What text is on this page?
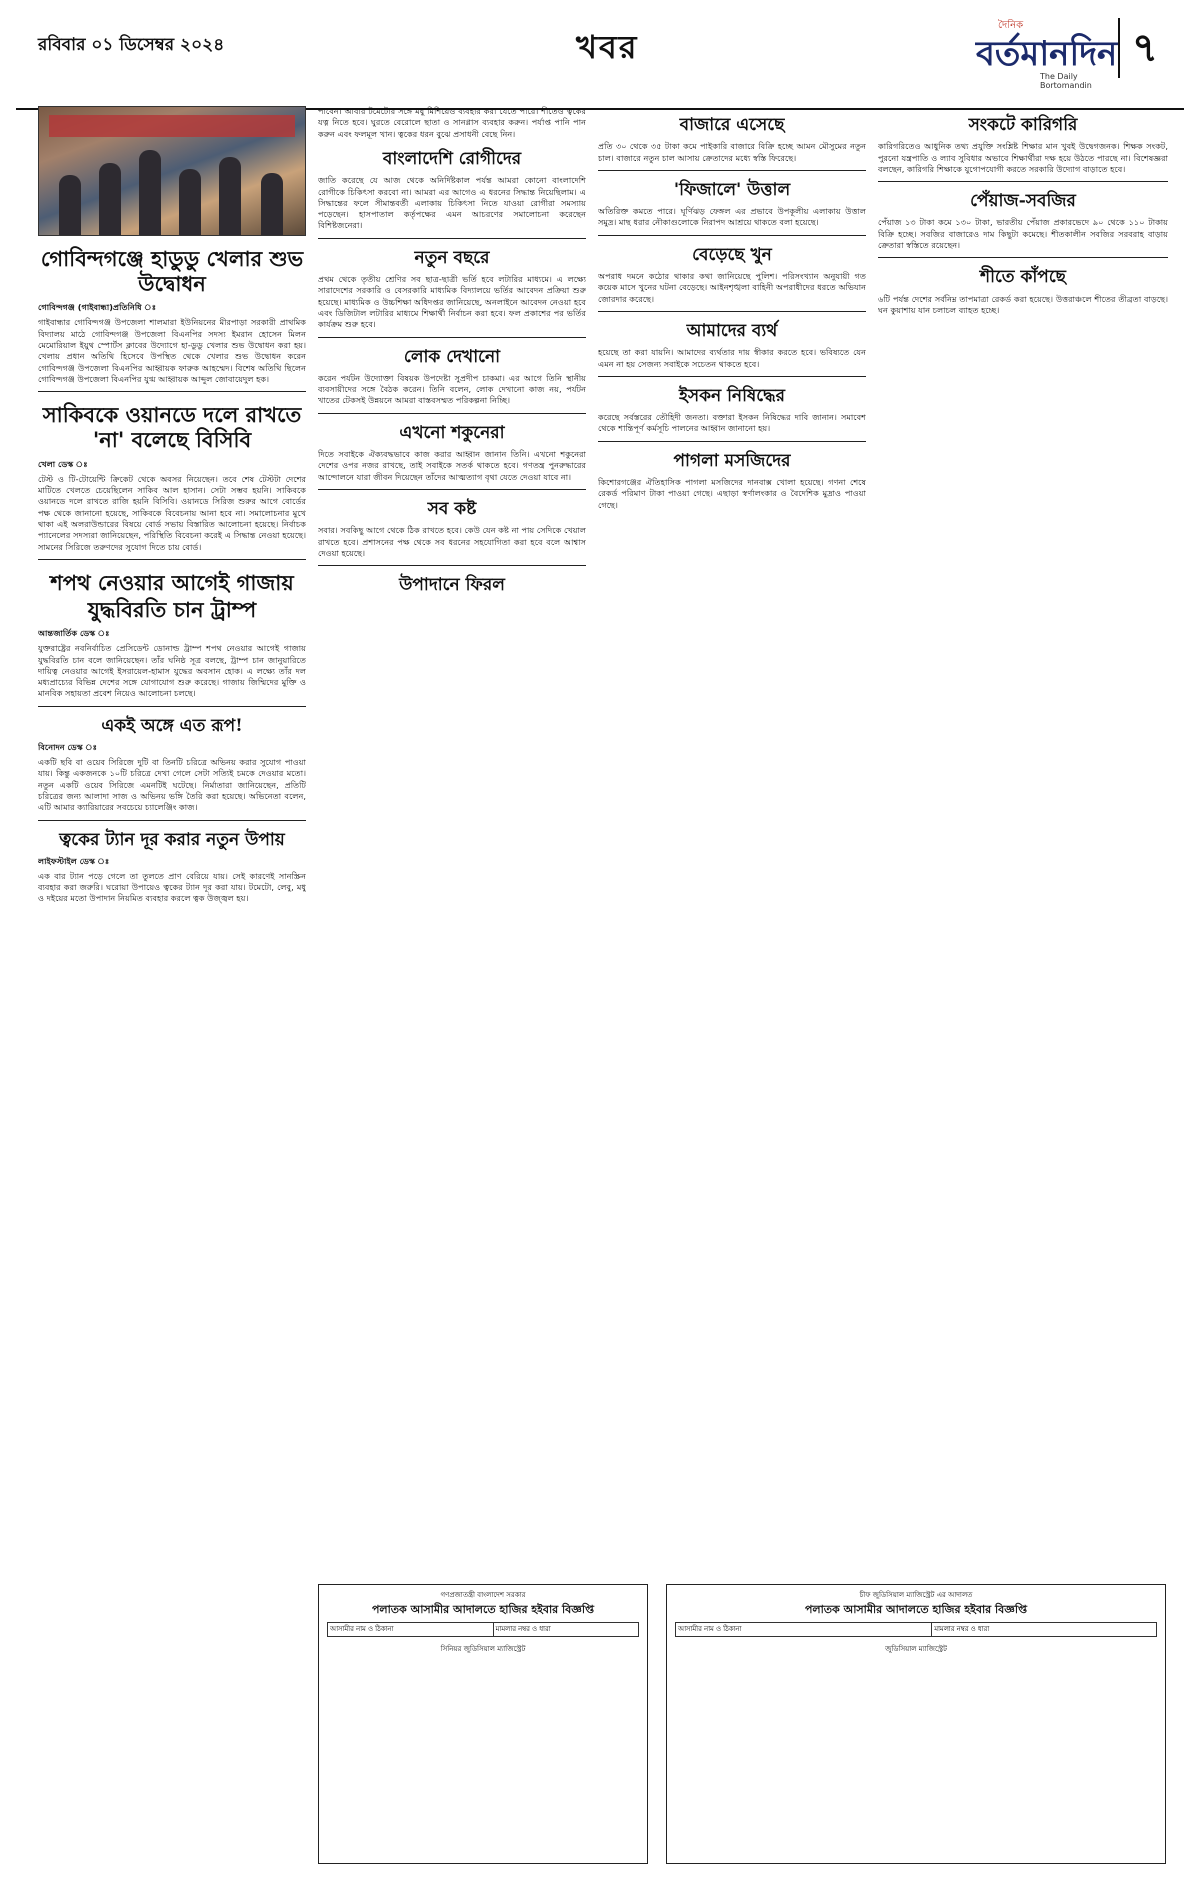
রবিবার ০১ ডিসেম্বর ২০২৪	খবর
দৈনিক
বর্তমানদিন
The Daily Bortomandin
৭
গোবিন্দগঞ্জে হাডুডু খেলার শুভ উদ্বোধন
গোবিন্দগঞ্জ (গাইবান্ধা)প্রতিনিধি ঃ

গাইবান্ধার গোবিন্দগঞ্জ উপজেলা শালমারা ইউনিয়নের মীরপাড়া সরকারী প্রাথমিক বিদ্যালয় মাঠে গোবিন্দগঞ্জ উপজেলা বিএনপির সদস্য ইমরান হোসেন মিলন মেমোরিয়াল ইয়ুথ স্পোর্টস ক্লাবের উদ্যোগে হা-ডুডু খেলার শুভ উদ্বোধন করা হয়। খেলায় প্রধান অতিথি হিসেবে উপস্থিত থেকে খেলার শুভ উদ্বোধন করেন গোবিন্দগঞ্জ উপজেলা বিএনপির আহ্বায়ক ফারুক আহম্মেদ। বিশেষ অতিথি ছিলেন গোবিন্দগঞ্জ উপজেলা বিএনপির যুগ্ম আহ্বায়ক আব্দুল জোবায়েদুল হক।

সাকিবকে ওয়ানডে দলে রাখতে 'না' বলেছে বিসিবি
খেলা ডেস্ক ঃ

টেস্ট ও টি-টোয়েন্টি ক্রিকেট থেকে অবসর নিয়েছেন। তবে শেষ টেস্টটা দেশের মাটিতে খেলতে চেয়েছিলেন সাকিব আল হাসান। সেটা সম্ভব হয়নি। সাকিবকে ওয়ানডে দলে রাখতে রাজি হয়নি বিসিবি। ওয়ানডে সিরিজ শুরুর আগে বোর্ডের পক্ষ থেকে জানানো হয়েছে, সাকিবকে বিবেচনায় আনা হবে না। সমালোচনার মুখে থাকা এই অলরাউন্ডারের বিষয়ে বোর্ড সভায় বিস্তারিত আলোচনা হয়েছে। নির্বাচক প্যানেলের সদস্যরা জানিয়েছেন, পরিস্থিতি বিবেচনা করেই এ সিদ্ধান্ত নেওয়া হয়েছে। সামনের সিরিজে তরুণদের সুযোগ দিতে চায় বোর্ড।

শপথ নেওয়ার আগেই গাজায়
যুদ্ধবিরতি চান ট্রাম্প
আন্তজার্তিক ডেস্ক ঃ

যুক্তরাষ্ট্রের নবনির্বাচিত প্রেসিডেন্ট ডোনাল্ড ট্রাম্প শপথ নেওয়ার আগেই গাজায় যুদ্ধবিরতি চান বলে জানিয়েছেন। তাঁর ঘনিষ্ঠ সূত্র বলছে, ট্রাম্প চান জানুয়ারিতে দায়িত্ব নেওয়ার আগেই ইসরায়েল-হামাস যুদ্ধের অবসান হোক। এ লক্ষ্যে তাঁর দল মধ্যপ্রাচ্যের বিভিন্ন দেশের সঙ্গে যোগাযোগ শুরু করেছে। গাজায় জিম্মিদের মুক্তি ও মানবিক সহায়তা প্রবেশ নিয়েও আলোচনা চলছে।

একই অঙ্গে এত রূপ!
বিনোদন ডেস্ক ঃ

একটি ছবি বা ওয়েব সিরিজে দুটি বা তিনটি চরিত্রে অভিনয় করার সুযোগ পাওয়া যায়। কিন্তু একজনকে ১০টি চরিত্রে দেখা গেলে সেটা সত্যিই চমকে দেওয়ার মতো। নতুন একটি ওয়েব সিরিজে এমনটিই ঘটেছে। নির্মাতারা জানিয়েছেন, প্রতিটি চরিত্রের জন্য আলাদা সাজ ও অভিনয় ভঙ্গি তৈরি করা হয়েছে। অভিনেতা বলেন, এটি আমার ক্যারিয়ারের সবচেয়ে চ্যালেঞ্জিং কাজ।

ত্বকের ট্যান দূর করার নতুন উপায়
লাইফস্টাইল ডেস্ক ঃ

এক বার ট্যান পড়ে গেলে তা তুলতে প্রাণ বেরিয়ে যায়। সেই কারণেই সানস্ক্রিন ব্যবহার করা জরুরি। ঘরোয়া উপায়েও ত্বকের ট্যান দূর করা যায়। টমেটো, লেবু, মধু ও দইয়ের মতো উপাদান নিয়মিত ব্যবহার করলে ত্বক উজ্জ্বল হয়।

পাবেন। আবার টমেটোর সঙ্গে মধু মিশিয়েও ব্যবহার করা যেতে পারে। শীতেও ত্বকের যত্ন নিতে হবে। ঘুরতে বেরোলে ছাতা ও সানগ্লাস ব্যবহার করুন। পর্যাপ্ত পানি পান করুন এবং ফলমূল খান। ত্বকের ধরন বুঝে প্রসাধনী বেছে নিন।

বাংলাদেশি রোগীদের

জাতি করেছে যে আজ থেকে অনির্দিষ্টকাল পর্যন্ত আমরা কোনো বাংলাদেশি রোগীকে চিকিৎসা করবো না। আমরা এর আগেও এ ধরনের সিদ্ধান্ত নিয়েছিলাম। এ সিদ্ধান্তের ফলে সীমান্তবর্তী এলাকায় চিকিৎসা নিতে যাওয়া রোগীরা সমস্যায় পড়েছেন। হাসপাতাল কর্তৃপক্ষের এমন আচরণের সমালোচনা করেছেন বিশিষ্টজনেরা।

নতুন বছরে

প্রথম থেকে তৃতীয় শ্রেণির সব ছাত্র-ছাত্রী ভর্তি হবে লটারির মাধ্যমে। এ লক্ষ্যে সারাদেশের সরকারি ও বেসরকারি মাধ্যমিক বিদ্যালয়ে ভর্তির আবেদন প্রক্রিয়া শুরু হয়েছে। মাধ্যমিক ও উচ্চশিক্ষা অধিদপ্তর জানিয়েছে, অনলাইনে আবেদন নেওয়া হবে এবং ডিজিটাল লটারির মাধ্যমে শিক্ষার্থী নির্বাচন করা হবে। ফল প্রকাশের পর ভর্তির কার্যক্রম শুরু হবে।

লোক দেখানো

করেন পর্যটন উদ্যোক্তা বিষয়ক উপদেষ্টা সুপ্রদীপ চাকমা। এর আগে তিনি স্থানীয় ব্যবসায়ীদের সঙ্গে বৈঠক করেন। তিনি বলেন, লোক দেখানো কাজ নয়, পর্যটন খাতের টেকসই উন্নয়নে আমরা বাস্তবসম্মত পরিকল্পনা নিচ্ছি।

এখনো শকুনেরা

দিতে সবাইকে ঐক্যবদ্ধভাবে কাজ করার আহ্বান জানান তিনি। এখনো শকুনেরা দেশের ওপর নজর রাখছে, তাই সবাইকে সতর্ক থাকতে হবে। গণতন্ত্র পুনরুদ্ধারের আন্দোলনে যারা জীবন দিয়েছেন তাঁদের আত্মত্যাগ বৃথা যেতে দেওয়া যাবে না।

সব কষ্ট

সবার। সবকিছু আগে থেকে ঠিক রাখতে হবে। কেউ যেন কষ্ট না পায় সেদিকে খেয়াল রাখতে হবে। প্রশাসনের পক্ষ থেকে সব ধরনের সহযোগিতা করা হবে বলে আশ্বাস দেওয়া হয়েছে।

উপাদানে ফিরল
বাজারে এসেছে

প্রতি ৩০ থেকে ৩৫ টাকা কমে পাইকারি বাজারে বিক্রি হচ্ছে আমন মৌসুমের নতুন চাল। বাজারে নতুন চাল আসায় ক্রেতাদের মধ্যে স্বস্তি ফিরেছে।

'ফিজালে' উত্তাল

অতিরিক্ত কমতে পারে। ঘূর্ণিঝড় ফেঙ্গল এর প্রভাবে উপকূলীয় এলাকায় উত্তাল সমুদ্র। মাছ ধরার নৌকাগুলোকে নিরাপদ আশ্রয়ে থাকতে বলা হয়েছে।

বেড়েছে খুন

অপরাধ দমনে কঠোর থাকার কথা জানিয়েছে পুলিশ। পরিসংখ্যান অনুযায়ী গত কয়েক মাসে খুনের ঘটনা বেড়েছে। আইনশৃঙ্খলা বাহিনী অপরাধীদের ধরতে অভিযান জোরদার করেছে।

আমাদের ব্যর্থ

হয়েছে তা করা যায়নি। আমাদের ব্যর্থতার দায় স্বীকার করতে হবে। ভবিষ্যতে যেন এমন না হয় সেজন্য সবাইকে সচেতন থাকতে হবে।

ইসকন নিষিদ্ধের

করেছে সর্বস্তরের তৌহিদী জনতা। বক্তারা ইসকন নিষিদ্ধের দাবি জানান। সমাবেশ থেকে শান্তিপূর্ণ কর্মসূচি পালনের আহ্বান জানানো হয়।

পাগলা মসজিদের

কিশোরগঞ্জের ঐতিহাসিক পাগলা মসজিদের দানবাক্স খোলা হয়েছে। গণনা শেষে রেকর্ড পরিমাণ টাকা পাওয়া গেছে। এছাড়া স্বর্ণালংকার ও বৈদেশিক মুদ্রাও পাওয়া গেছে।

সংকটে কারিগরি

কারিগরিতেও আধুনিক তথ্য প্রযুক্তি সংশ্লিষ্ট শিক্ষার মান খুবই উদ্বেগজনক। শিক্ষক সংকট, পুরনো যন্ত্রপাতি ও ল্যাব সুবিধার অভাবে শিক্ষার্থীরা দক্ষ হয়ে উঠতে পারছে না। বিশেষজ্ঞরা বলছেন, কারিগরি শিক্ষাকে যুগোপযোগী করতে সরকারি উদ্যোগ বাড়াতে হবে।

পেঁয়াজ-সবজির

পেঁয়াজ ১৩ টাকা কমে ১৩০ টাকা, ভারতীয় পেঁয়াজ প্রকারভেদে ৯০ থেকে ১১০ টাকায় বিক্রি হচ্ছে। সবজির বাজারেও দাম কিছুটা কমেছে। শীতকালীন সবজির সরবরাহ বাড়ায় ক্রেতারা স্বস্তিতে রয়েছেন।

শীতে কাঁপছে

৬টি পর্যন্ত দেশের সর্বনিম্ন তাপমাত্রা রেকর্ড করা হয়েছে। উত্তরাঞ্চলে শীতের তীব্রতা বাড়ছে। ঘন কুয়াশায় যান চলাচল ব্যাহত হচ্ছে।

গণপ্রজাতন্ত্রী বাংলাদেশ সরকার
পলাতক আসামীর আদালতে হাজির হইবার বিজ্ঞপ্তি
আসামীর নাম ও ঠিকানা	মামলার নম্বর ও ধারা
সিনিয়র জুডিসিয়াল ম্যাজিস্ট্রেট
চীফ জুডিসিয়াল ম্যাজিস্ট্রেট এর আদালত
পলাতক আসামীর আদালতে হাজির হইবার বিজ্ঞপ্তি
আসামীর নাম ও ঠিকানা	মামলার নম্বর ও ধারা
জুডিসিয়াল ম্যাজিস্ট্রেট
